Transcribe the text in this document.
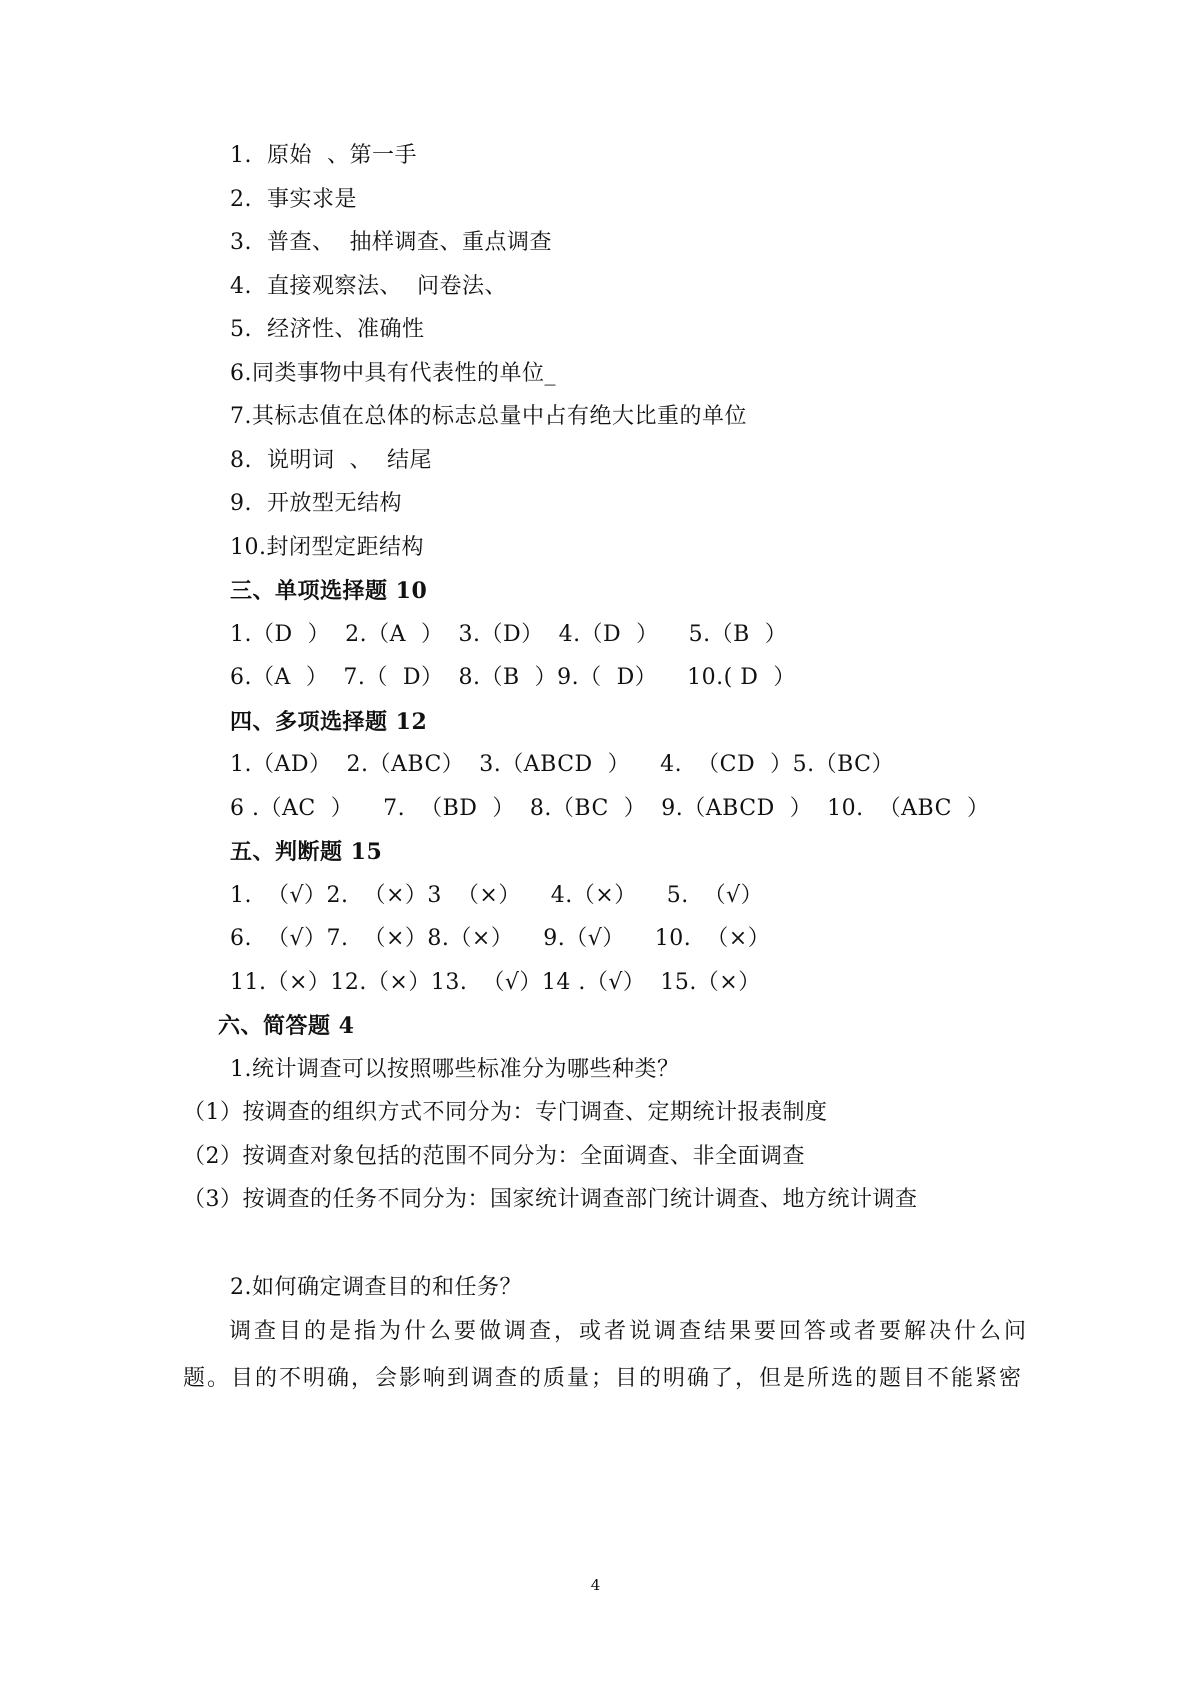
1.  原始  、第一手
2.  事实求是
3.  普查、  抽样调查、重点调查
4.  直接观察法、  问卷法、
5.  经济性、准确性
6.同类事物中具有代表性的单位_
7.其标志值在总体的标志总量中占有绝大比重的单位
8.  说明词  、  结尾
9.  开放型无结构
10.封闭型定距结构
三、单项选择题 10
1.（D  ）  2.（A  ）  3.（D）  4.（D  ）    5.（B  ）
6.（A  ）  7.（  D）  8.（B  ）9.（  D）    10.( D  ）
四、多项选择题 12
1.（AD）  2.（ABC）  3.（ABCD  ）    4.  （CD  ）5.（BC）
6 .（AC  ）    7.  （BD  ）  8.（BC  ）  9.（ABCD  ）  10.  （ABC  ）
五、判断题 15
1.  （√）2.  （×）3  （×）    4.（×）    5.  （√）
6.  （√）7.  （×）8.（×）    9.（√）    10.  （×）
11.（×）12.（×）13.  （√）14 .（√）  15.（×）
六、简答题 4
1.统计调查可以按照哪些标准分为哪些种类？
（1）按调查的组织方式不同分为：专门调查、定期统计报表制度
（2）按调查对象包括的范围不同分为：全面调查、非全面调查
（3）按调查的任务不同分为：国家统计调查部门统计调查、地方统计调查
2.如何确定调查目的和任务？
调查目的是指为什么要做调查，或者说调查结果要回答或者要解决什么问题。目的不明确，会影响到调查的质量；目的明确了，但是所选的题目不能紧密
4
